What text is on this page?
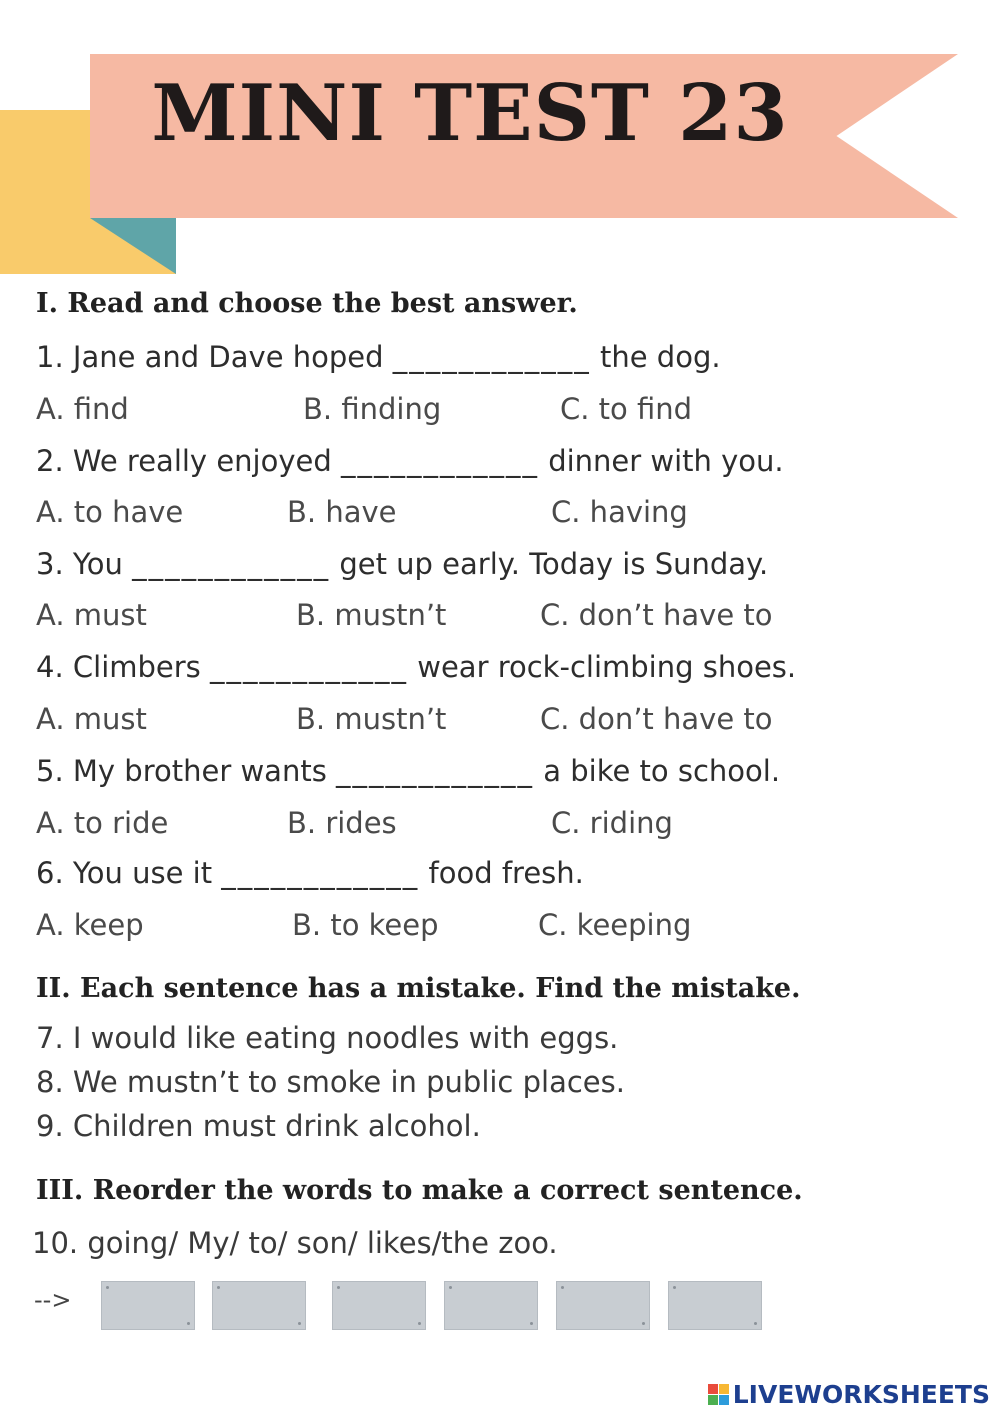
MINI TEST 23
I. Read and choose the best answer.
1. Jane and Dave hoped ____________ the dog.
A. find	B. finding	C. to find
2. We really enjoyed ____________ dinner with you.
A. to have	B. have	C. having
3. You ____________ get up early. Today is Sunday.
A. must	B. mustn’t	C. don’t have to
4. Climbers ____________ wear rock-climbing shoes.
A. must	B. mustn’t	C. don’t have to
5. My brother wants ____________ a bike to school.
A. to ride	B. rides	C. riding
6. You use it ____________ food fresh.
A. keep	B. to keep	C. keeping
II. Each sentence has a mistake. Find the mistake.
7. I would like eating noodles with eggs.
8. We mustn’t to smoke in public places.
9. Children must drink alcohol.
III. Reorder the words to make a correct sentence.
10. going/ My/ to/ son/ likes/the zoo.
-->
LIVEWORKSHEETS
